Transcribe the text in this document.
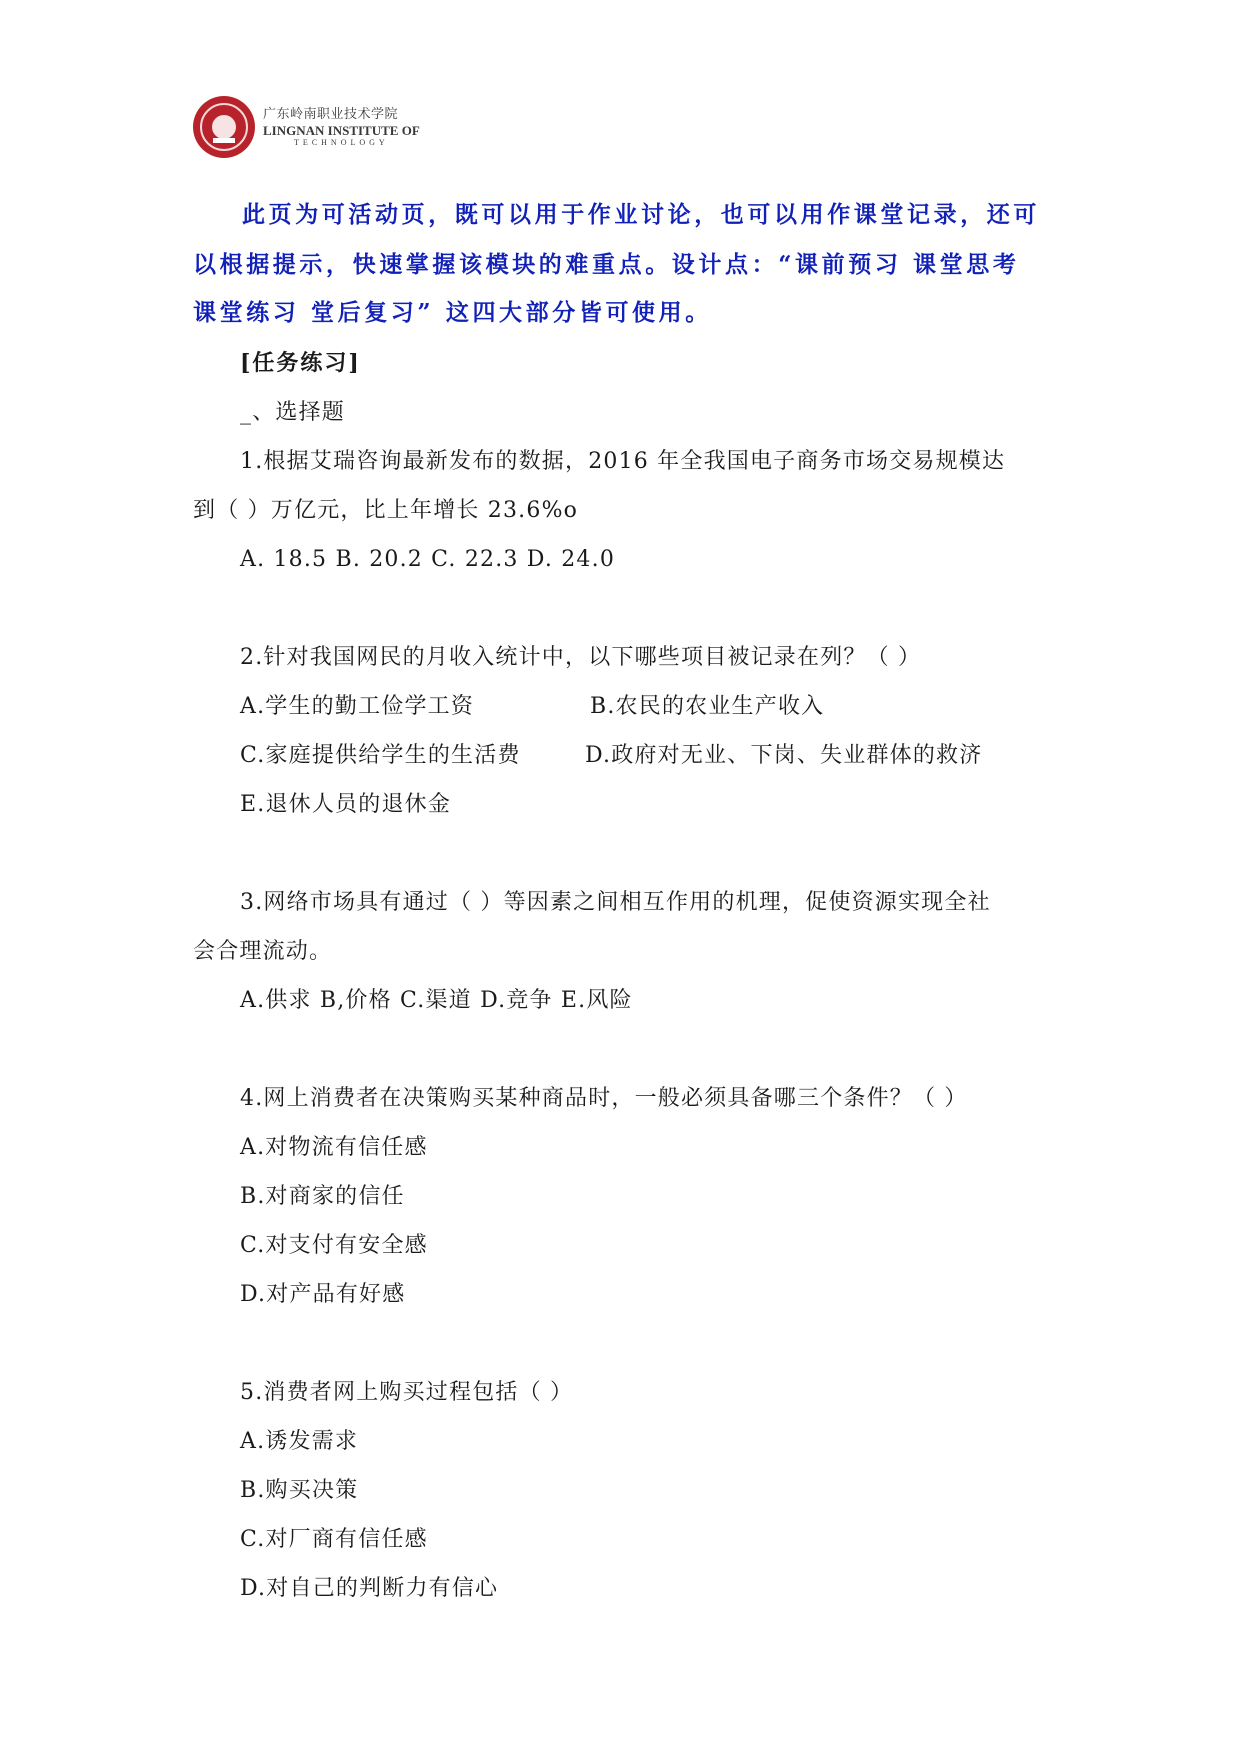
广东岭南职业技术学院
LINGNAN INSTITUTE OF
TECHNOLOGY
此页为可活动页，既可以用于作业讨论，也可以用作课堂记录，还可
以根据提示，快速掌握该模块的难重点。设计点：“课前预习 课堂思考
课堂练习 堂后复习” 这四大部分皆可使用。
[任务练习]
_、选择题
1.根据艾瑞咨询最新发布的数据，2016 年全我国电子商务市场交易规模达
到（ ）万亿元，比上年增长 23.6%o
A. 18.5 B. 20.2 C. 22.3 D. 24.0
2.针对我国网民的月收入统计中，以下哪些项目被记录在列？（ ）
A.学生的勤工俭学工资	B.农民的农业生产收入
C.家庭提供给学生的生活费	D.政府对无业、下岗、失业群体的救济
E.退休人员的退休金
3.网络市场具有通过（ ）等因素之间相互作用的机理，促使资源实现全社
会合理流动。
A.供求 B,价格 C.渠道 D.竞争 E.风险
4.网上消费者在决策购买某种商品时，一般必须具备哪三个条件？（ ）
A.对物流有信任感
B.对商家的信任
C.对支付有安全感
D.对产品有好感
5.消费者网上购买过程包括（ ）
A.诱发需求
B.购买决策
C.对厂商有信任感
D.对自己的判断力有信心
